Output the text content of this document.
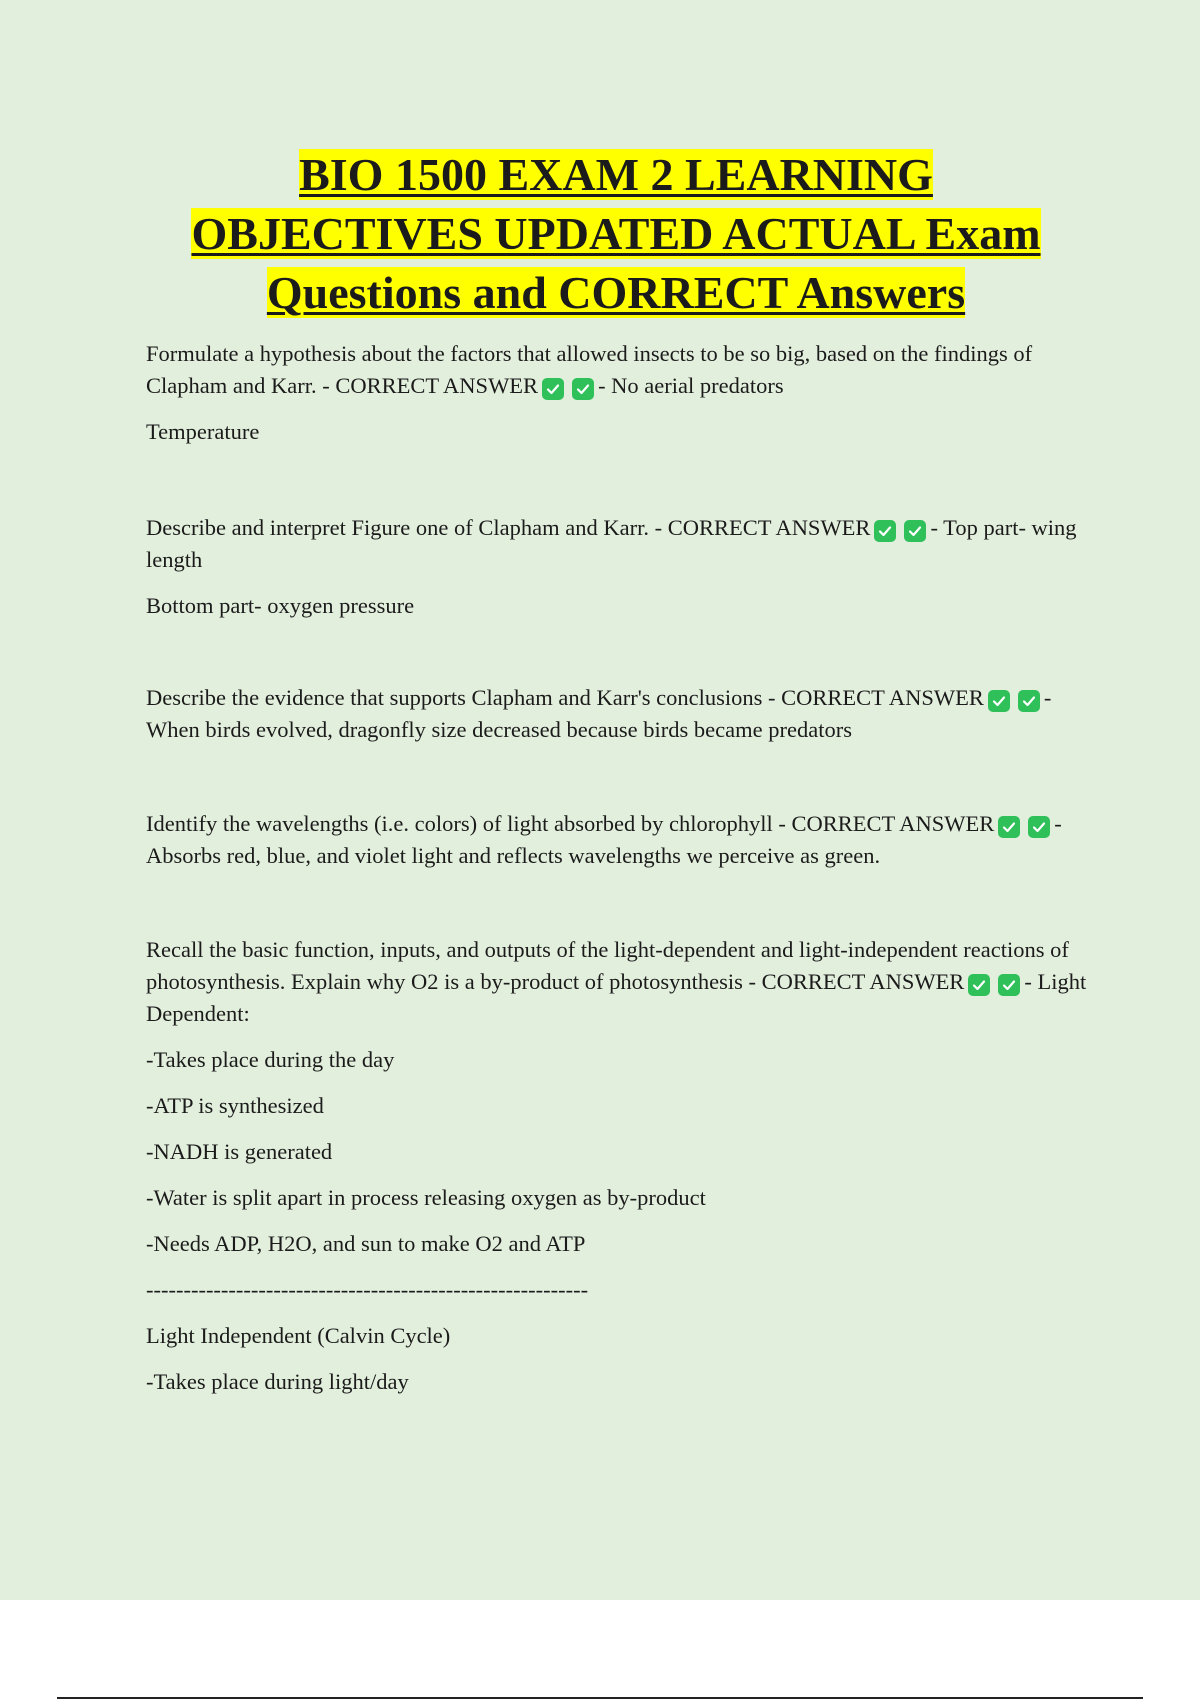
BIO 1500 EXAM 2 LEARNING
OBJECTIVES UPDATED ACTUAL Exam
Questions and CORRECT Answers

Formulate a hypothesis about the factors that allowed insects to be so big, based on the findings of Clapham and Karr. - CORRECT ANSWER	- No aerial predators

Temperature

Describe and interpret Figure one of Clapham and Karr. - CORRECT ANSWER	- Top part- wing length

Bottom part- oxygen pressure

Describe the evidence that supports Clapham and Karr's conclusions - CORRECT ANSWER	- When birds evolved, dragonfly size decreased because birds became predators

Identify the wavelengths (i.e. colors) of light absorbed by chlorophyll - CORRECT ANSWER	- Absorbs red, blue, and violet light and reflects wavelengths we perceive as green.

Recall the basic function, inputs, and outputs of the light-dependent and light-independent reactions of photosynthesis. Explain why O2 is a by-product of photosynthesis - CORRECT ANSWER	- Light Dependent:

-Takes place during the day

-ATP is synthesized

-NADH is generated

-Water is split apart in process releasing oxygen as by-product

-Needs ADP, H2O, and sun to make O2 and ATP

-----------------------------------------------------------

Light Independent (Calvin Cycle)

-Takes place during light/day
